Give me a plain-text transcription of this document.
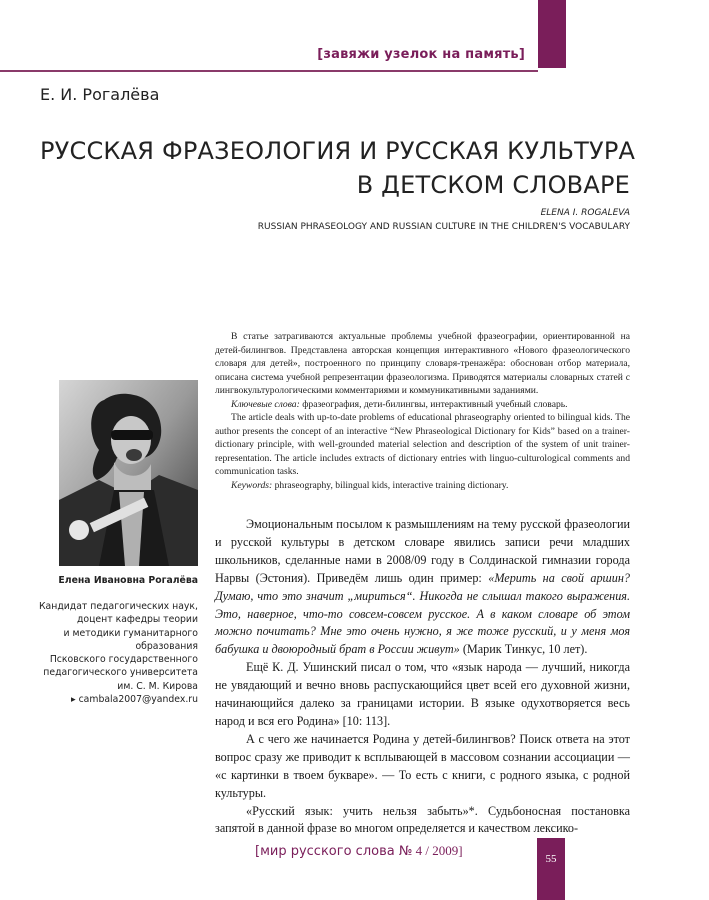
[завяжи узелок на память]
Е. И. Рогалёва
РУССКАЯ ФРАЗЕОЛОГИЯ И РУССКАЯ КУЛЬТУРА
В ДЕТСКОМ СЛОВАРЕ
ELENA I. ROGALEVA
RUSSIAN PHRASEOLOGY AND RUSSIAN CULTURE IN THE CHILDREN'S VOCABULARY

В статье затрагиваются актуальные проблемы учебной фразеографии, ориентированной на детей-билингвов. Представлена авторская концепция интерактивного «Нового фразеологического словаря для детей», построенного по принципу словаря-тренажёра: обоснован отбор материала, описана система учебной репрезентации фразеологизма. Приводятся материалы словарных статей с лингвокультурологическими комментариями и коммуникативными заданиями.

Ключевые слова: фразеография, дети-билингвы, интерактивный учебный словарь.

The article deals with up-to-date problems of educational phraseography oriented to bilingual kids. The author presents the concept of an interactive “New Phraseological Dictionary for Kids” based on a trainer-dictionary principle, with well-grounded material selection and description of the system of unit trainer-representation. The article includes extracts of dictionary entries with linguo-culturological comments and communication tasks.

Keywords: phraseography, bilingual kids, interactive training dictionary.

Елена Ивановна Рогалёва
Кандидат педагогических наук,
доцент кафедры теории
и методики гуманитарного
образования
Псковского государственного
педагогического университета
им. С. М. Кирова
▸ cambala2007@yandex.ru

Эмоциональным посылом к размышлениям на тему русской фразеологии и русской культуры в детском словаре явились записи речи младших школьников, сделанные нами в 2008/09 году в Солдинаской гимназии города Нарвы (Эстония). Приведём лишь один пример: «Мерить на свой аршин? Думаю, что это значит „мириться“. Никогда не слышал такого выражения. Это, наверное, что-то совсем-совсем русское. А в каком словаре об этом можно почитать? Мне это очень нужно, я же тоже русский, и у меня моя бабушка и двоюродный брат в России живут» (Марик Тинкус, 10 лет).

Ещё К. Д. Ушинский писал о том, что «язык народа — лучший, никогда не увядающий и вечно вновь распускающийся цвет всей его духовной жизни, начинающийся далеко за границами истории. В языке одухотворяется весь народ и вся его Родина» [10: 113].

А с чего же начинается Родина у детей-билингвов? Поиск ответа на этот вопрос сразу же приводит к всплывающей в массовом сознании ассоциации — «с картинки в твоем букваре». — То есть с книги, с родного языка, с родной культуры.

«Русский язык: учить нельзя забыть»*. Судьбоносная постановка запятой в данной фразе во многом определяется и качеством лексико-

[мир русского слова № 4 / 2009]
55
